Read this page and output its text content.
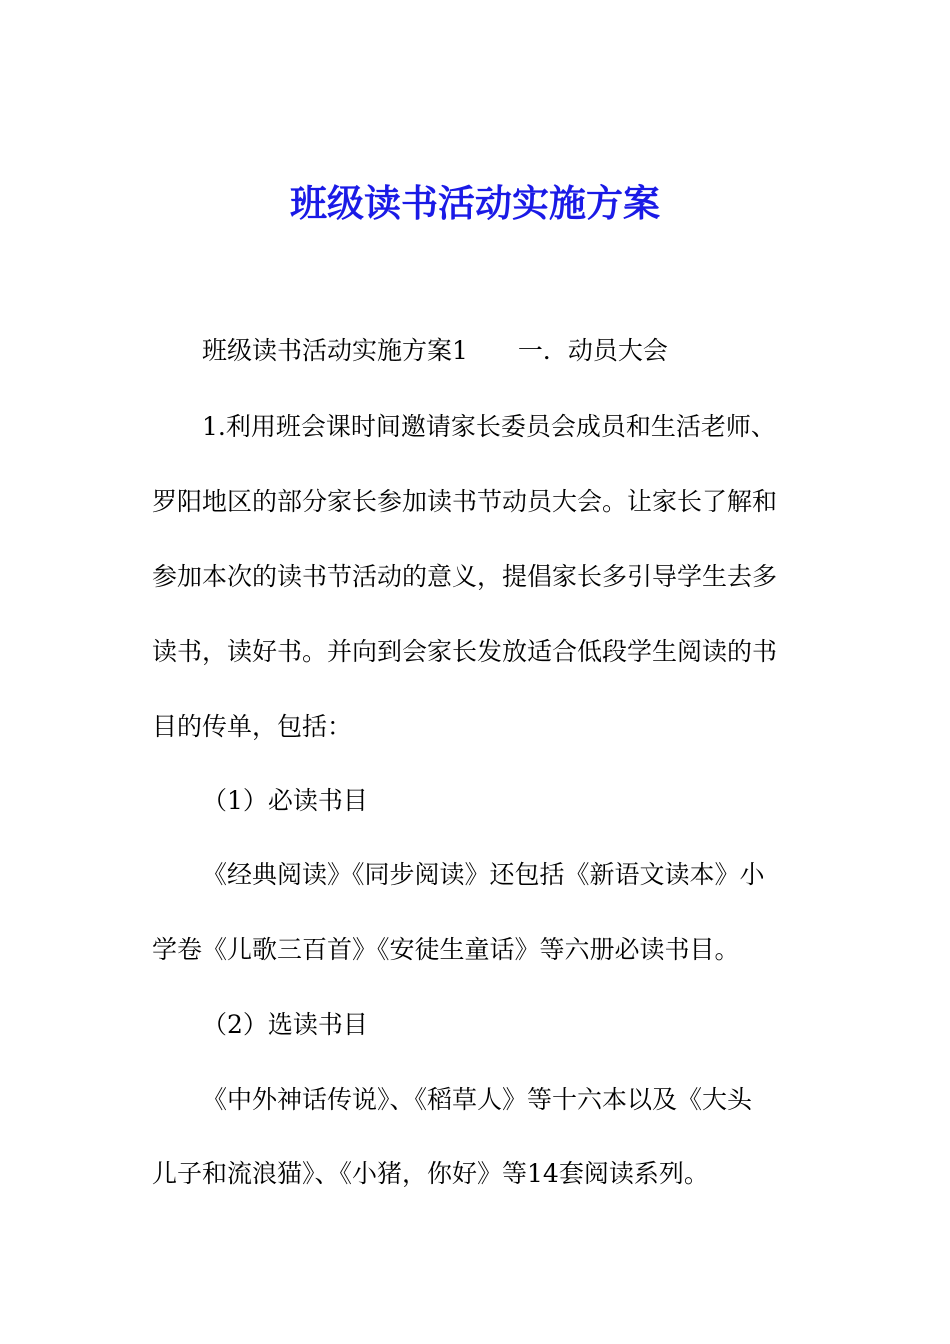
班级读书活动实施方案

班级读书活动实施方案1 一．动员大会

1.利用班会课时间邀请家长委员会成员和生活老师、

罗阳地区的部分家长参加读书节动员大会。让家长了解和

参加本次的读书节活动的意义，提倡家长多引导学生去多

读书，读好书。并向到会家长发放适合低段学生阅读的书

目的传单，包括：

（1）必读书目

《经典阅读》《同步阅读》还包括《新语文读本》小

学卷《儿歌三百首》《安徒生童话》等六册必读书目。

（2）选读书目

《中外神话传说》、《稻草人》等十六本以及《大头

儿子和流浪猫》、《小猪，你好》等14套阅读系列。
